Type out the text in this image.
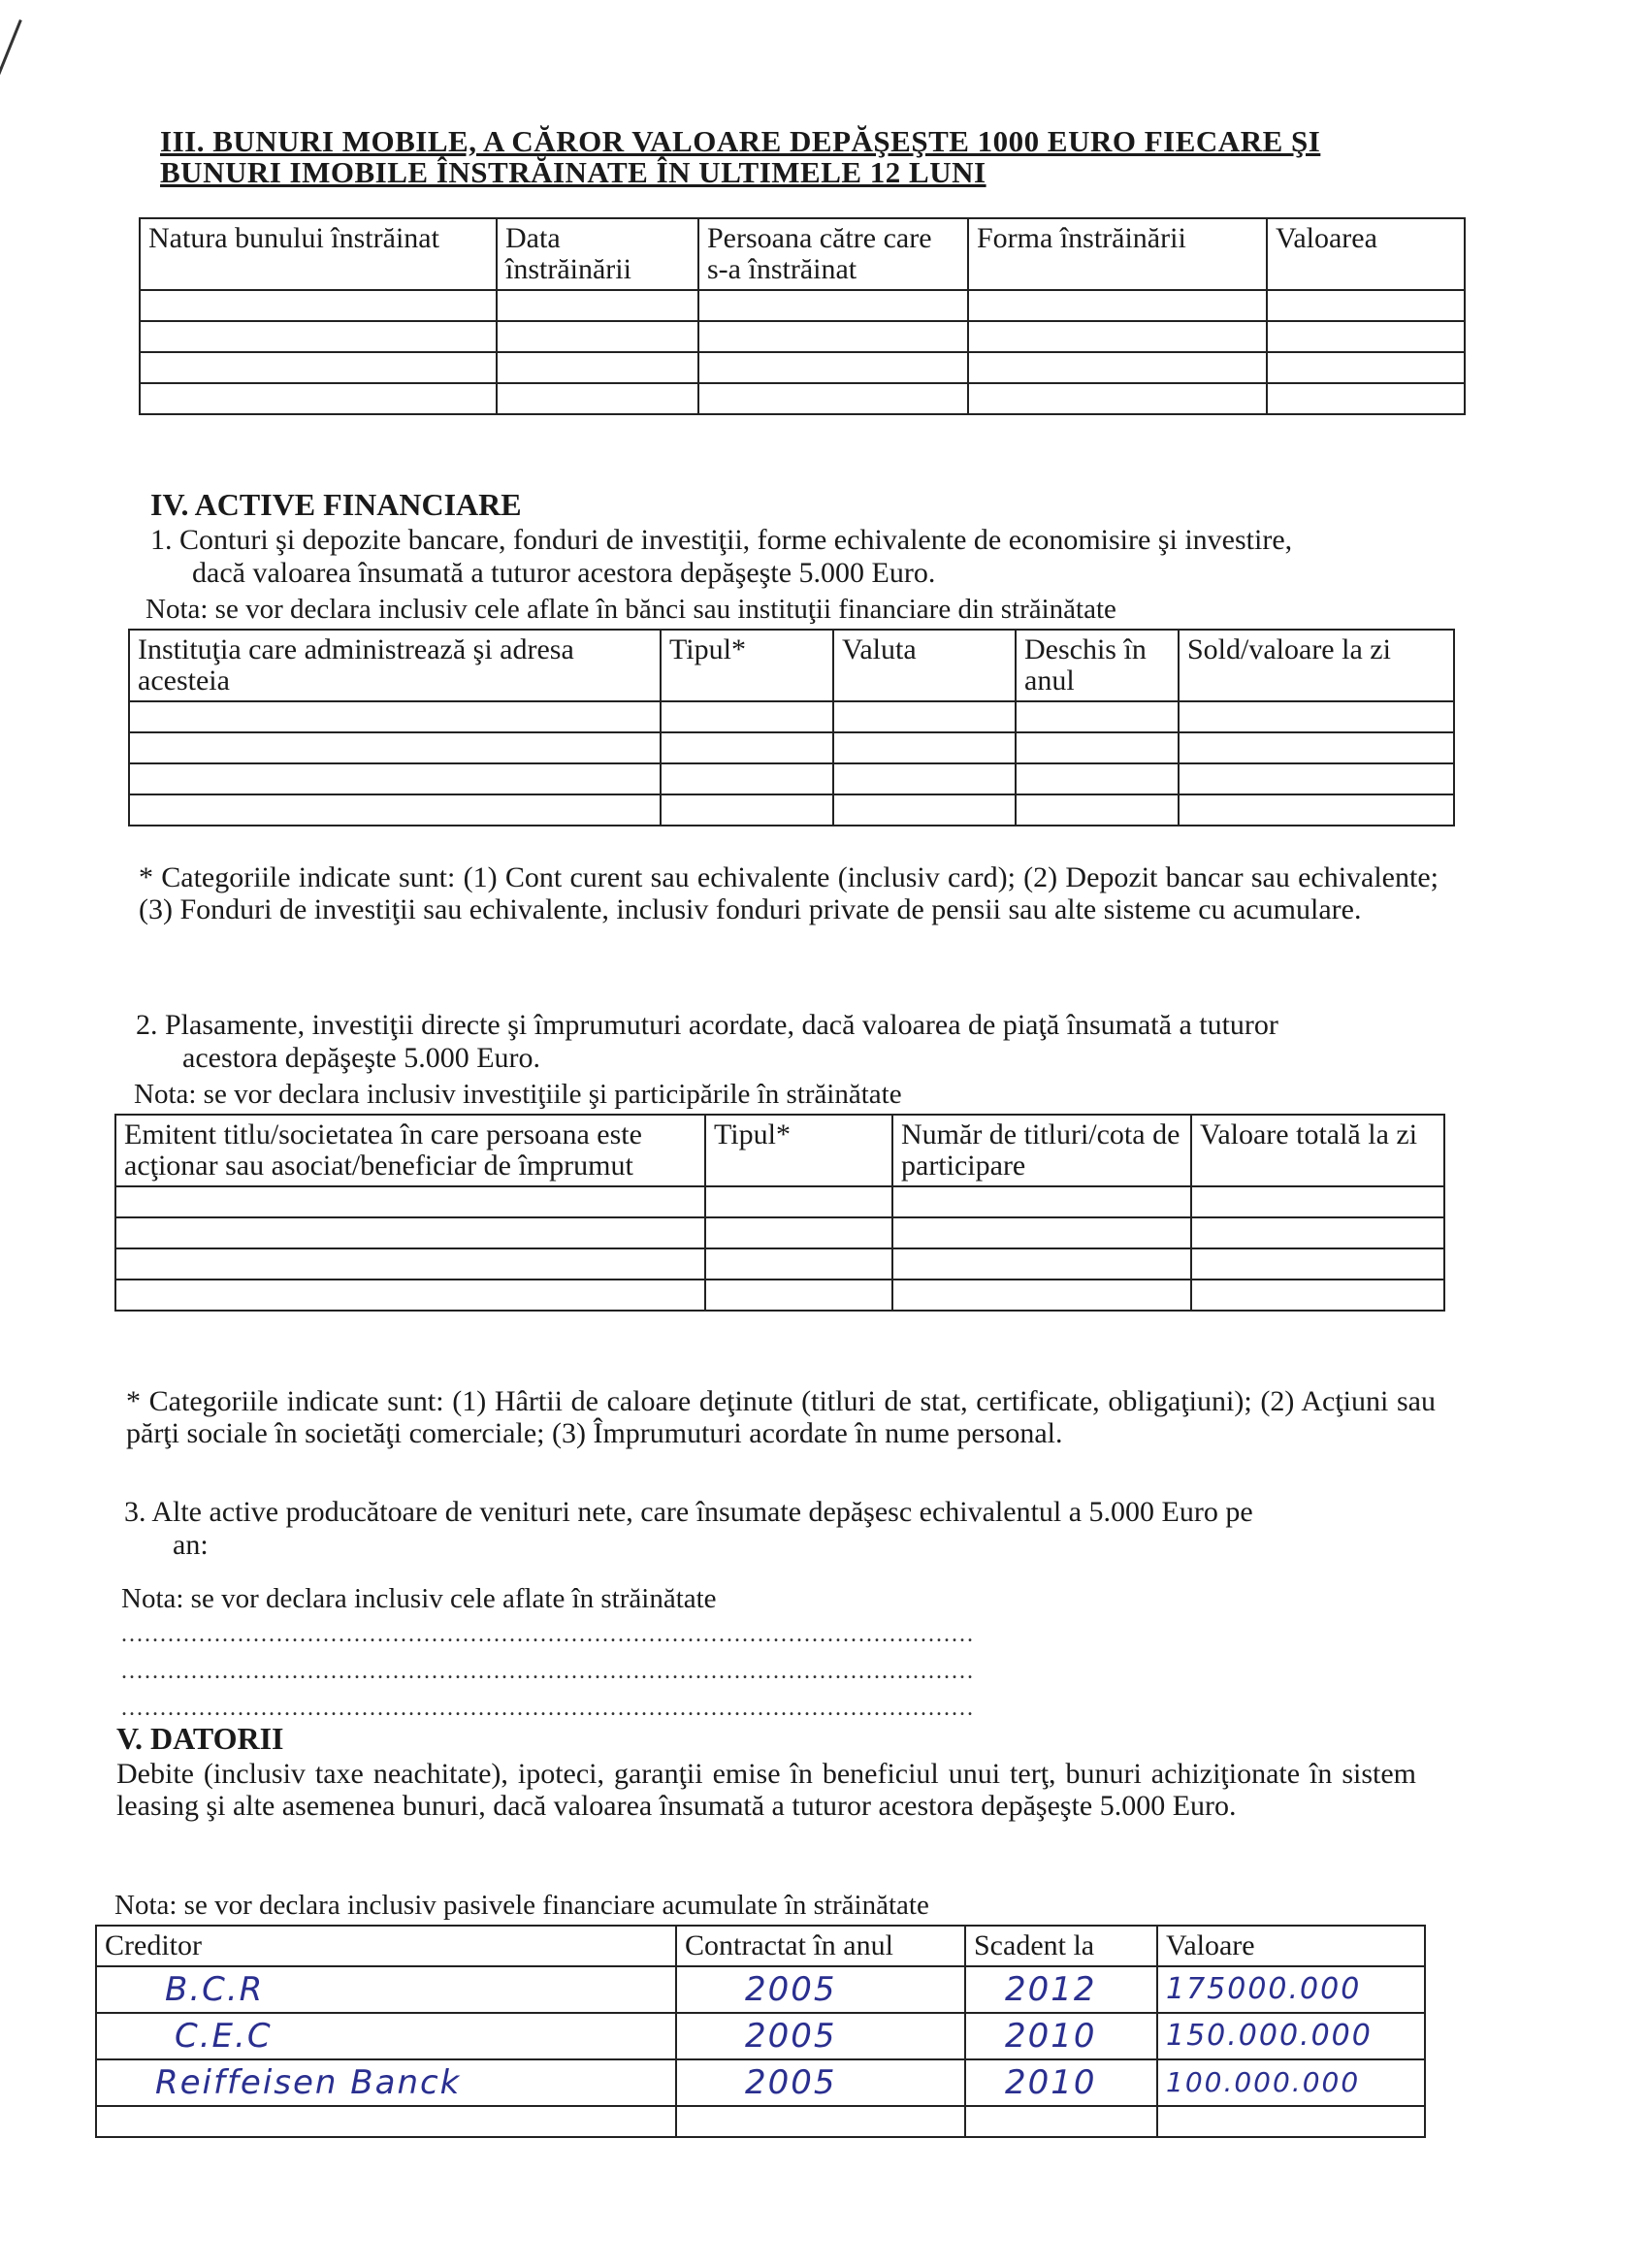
III. BUNURI MOBILE, A CĂROR VALOARE DEPĂŞEŞTE 1000 EURO FIECARE ŞI
BUNURI IMOBILE ÎNSTRĂINATE ÎN ULTIMELE 12 LUNI
Natura bunului înstrăinat	Data înstrăinării	Persoana către care s-a înstrăinat	Forma înstrăinării	Valoarea

IV. ACTIVE FINANCIARE
1. Conturi şi depozite bancare, fonduri de investiţii, forme echivalente de economisire şi investire,
dacă valoarea însumată a tuturor acestora depăşeşte 5.000 Euro.
Nota: se vor declara inclusiv cele aflate în bănci sau instituţii financiare din străinătate
Instituţia care administrează şi adresa acesteia	Tipul*	Valuta	Deschis în anul	Sold/valoare la zi

* Categoriile indicate sunt: (1) Cont curent sau echivalente (inclusiv card); (2) Depozit bancar sau echivalente; (3) Fonduri de investiţii sau echivalente, inclusiv fonduri private de pensii sau alte sisteme cu acumulare.
2. Plasamente, investiţii directe şi împrumuturi acordate, dacă valoarea de piaţă însumată a tuturor
acestora depăşeşte 5.000 Euro.
Nota: se vor declara inclusiv investiţiile şi participările în străinătate
Emitent titlu/societatea în care persoana este acţionar sau asociat/beneficiar de împrumut	Tipul*	Număr de titluri/cota de participare	Valoare totală la zi

* Categoriile indicate sunt: (1) Hârtii de caloare deţinute (titluri de stat, certificate, obligaţiuni); (2) Acţiuni sau părţi sociale în societăţi comerciale; (3) Împrumuturi acordate în nume personal.
3. Alte active producătoare de venituri nete, care însumate depăşesc echivalentul a 5.000 Euro pe
an:
Nota: se vor declara inclusiv cele aflate în străinătate
..............................................................................................................
..............................................................................................................
..............................................................................................................
V. DATORII
Debite (inclusiv taxe neachitate), ipoteci, garanţii emise în beneficiul unui terţ, bunuri achiziţionate în sistem leasing şi alte asemenea bunuri, dacă valoarea însumată a tuturor acestora depăşeşte 5.000 Euro.
Nota: se vor declara inclusiv pasivele financiare acumulate în străinătate
Creditor	Contractat în anul	Scadent la	Valoare
B.C.R	2005	2012	175000.000
C.E.C	2005	2010	150.000.000
Reiffeisen Banck	2005	2010	100.000.000
